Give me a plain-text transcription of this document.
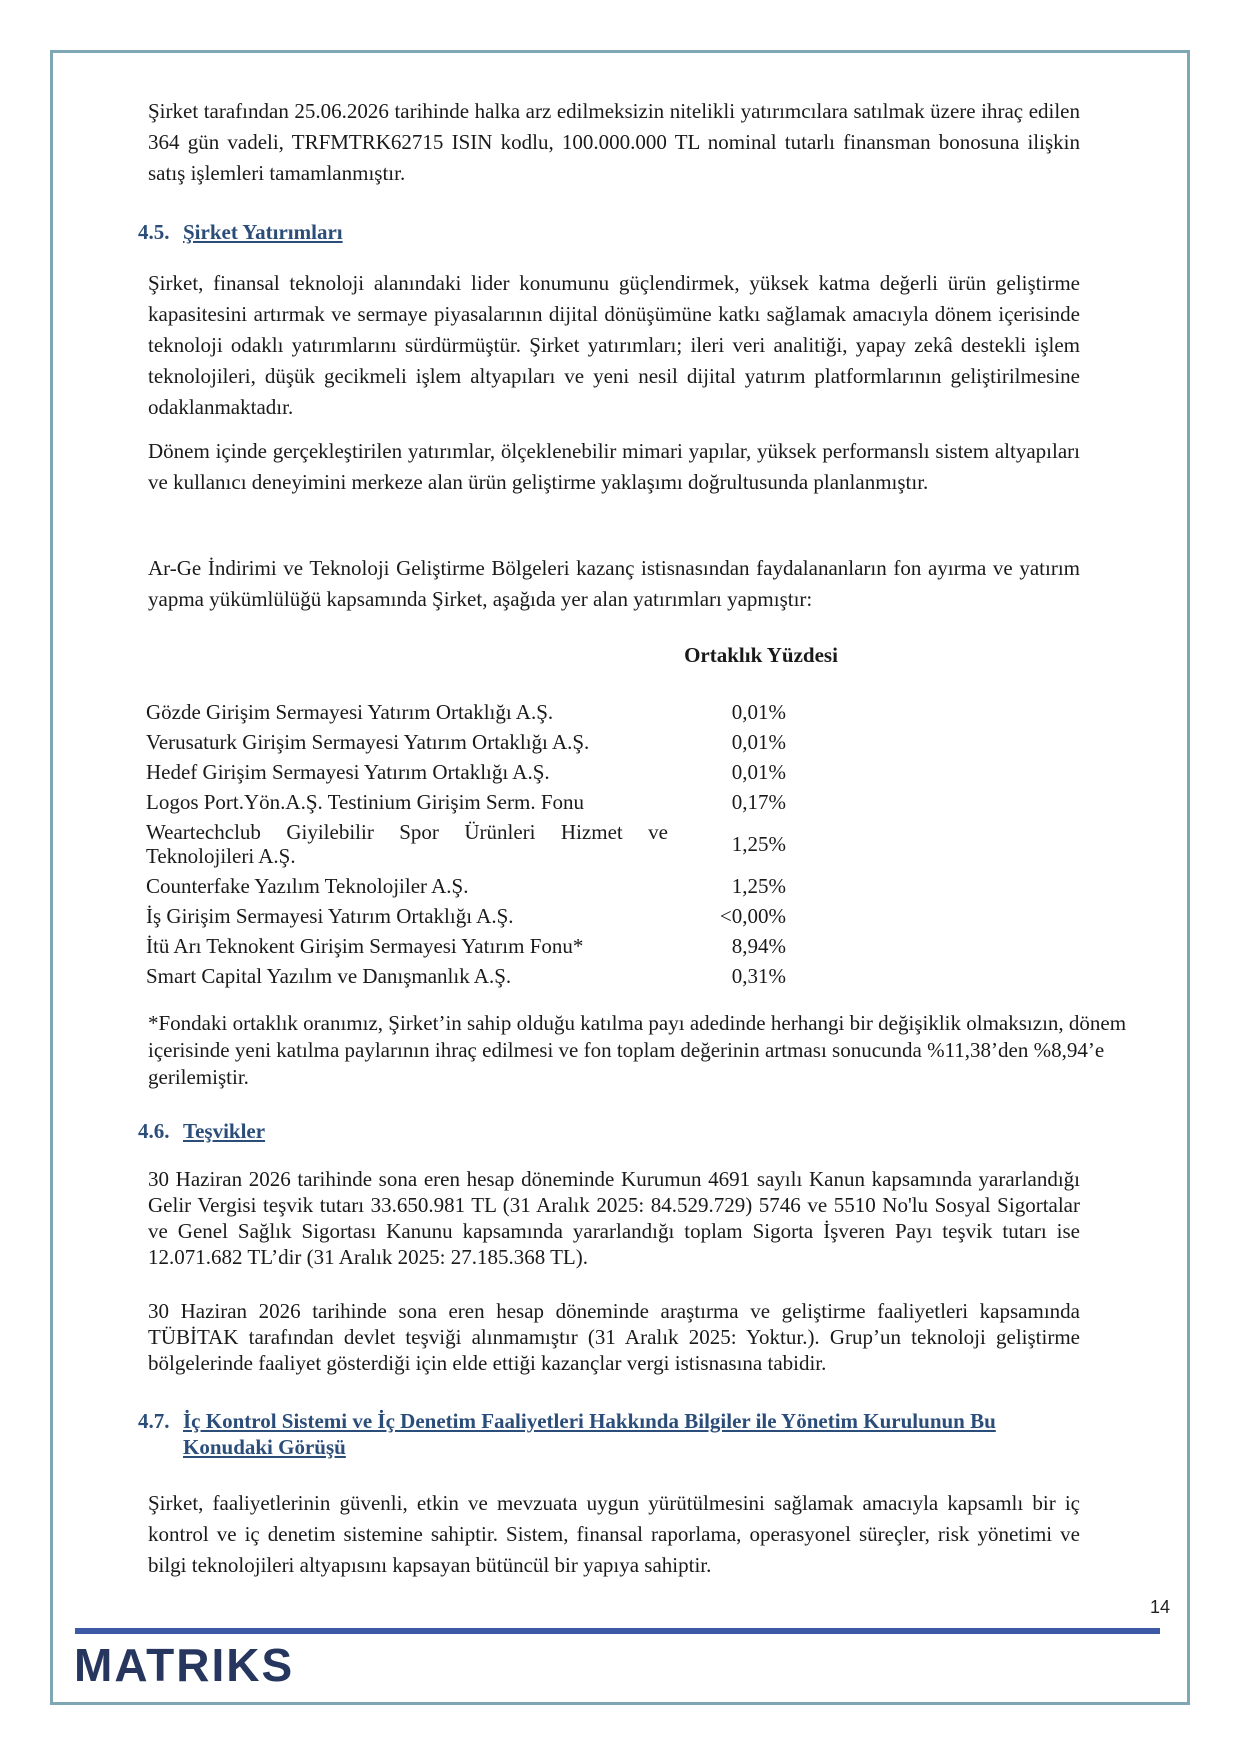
Şirket tarafından 25.06.2026 tarihinde halka arz edilmeksizin nitelikli yatırımcılara satılmak üzere ihraç edilen 364 gün vadeli, TRFMTRK62715 ISIN kodlu, 100.000.000 TL nominal tutarlı finansman bonosuna ilişkin satış işlemleri tamamlanmıştır.

4.5. Şirket Yatırımları

Şirket, finansal teknoloji alanındaki lider konumunu güçlendirmek, yüksek katma değerli ürün geliştirme kapasitesini artırmak ve sermaye piyasalarının dijital dönüşümüne katkı sağlamak amacıyla dönem içerisinde teknoloji odaklı yatırımlarını sürdürmüştür. Şirket yatırımları; ileri veri analitiği, yapay zekâ destekli işlem teknolojileri, düşük gecikmeli işlem altyapıları ve yeni nesil dijital yatırım platformlarının geliştirilmesine odaklanmaktadır.

Dönem içinde gerçekleştirilen yatırımlar, ölçeklenebilir mimari yapılar, yüksek performanslı sistem altyapıları ve kullanıcı deneyimini merkeze alan ürün geliştirme yaklaşımı doğrultusunda planlanmıştır.

Ar-Ge İndirimi ve Teknoloji Geliştirme Bölgeleri kazanç istisnasından faydalananların fon ayırma ve yatırım yapma yükümlülüğü kapsamında Şirket, aşağıda yer alan yatırımları yapmıştır:

Ortaklık Yüzdesi
Gözde Girişim Sermayesi Yatırım Ortaklığı A.Ş.	0,01%
Verusaturk Girişim Sermayesi Yatırım Ortaklığı A.Ş.	0,01%
Hedef Girişim Sermayesi Yatırım Ortaklığı A.Ş.	0,01%
Logos Port.Yön.A.Ş. Testinium Girişim Serm. Fonu	0,17%
Weartechclub Giyilebilir Spor Ürünleri Hizmet ve Teknolojileri A.Ş.	1,25%
Counterfake Yazılım Teknolojiler A.Ş.	1,25%
İş Girişim Sermayesi Yatırım Ortaklığı A.Ş.	<0,00%
İtü Arı Teknokent Girişim Sermayesi Yatırım Fonu*	8,94%
Smart Capital Yazılım ve Danışmanlık A.Ş.	0,31%

*Fondaki ortaklık oranımız, Şirket’in sahip olduğu katılma payı adedinde herhangi bir değişiklik olmaksızın, dönem içerisinde yeni katılma paylarının ihraç edilmesi ve fon toplam değerinin artması sonucunda %11,38’den %8,94’e gerilemiştir.

4.6. Teşvikler

30 Haziran 2026 tarihinde sona eren hesap döneminde Kurumun 4691 sayılı Kanun kapsamında yararlandığı Gelir Vergisi teşvik tutarı 33.650.981 TL (31 Aralık 2025: 84.529.729) 5746 ve 5510 No'lu Sosyal Sigortalar ve Genel Sağlık Sigortası Kanunu kapsamında yararlandığı toplam Sigorta İşveren Payı teşvik tutarı ise 12.071.682 TL’dir (31 Aralık 2025: 27.185.368 TL).

30 Haziran 2026 tarihinde sona eren hesap döneminde araştırma ve geliştirme faaliyetleri kapsamında TÜBİTAK tarafından devlet teşviği alınmamıştır (31 Aralık 2025: Yoktur.). Grup’un teknoloji geliştirme bölgelerinde faaliyet gösterdiği için elde ettiği kazançlar vergi istisnasına tabidir.

4.7. İç Kontrol Sistemi ve İç Denetim Faaliyetleri Hakkında Bilgiler ile Yönetim Kurulunun Bu Konudaki Görüşü

Şirket, faaliyetlerinin güvenli, etkin ve mevzuata uygun yürütülmesini sağlamak amacıyla kapsamlı bir iç kontrol ve iç denetim sistemine sahiptir. Sistem, finansal raporlama, operasyonel süreçler, risk yönetimi ve bilgi teknolojileri altyapısını kapsayan bütüncül bir yapıya sahiptir.

14
MATRIKS
